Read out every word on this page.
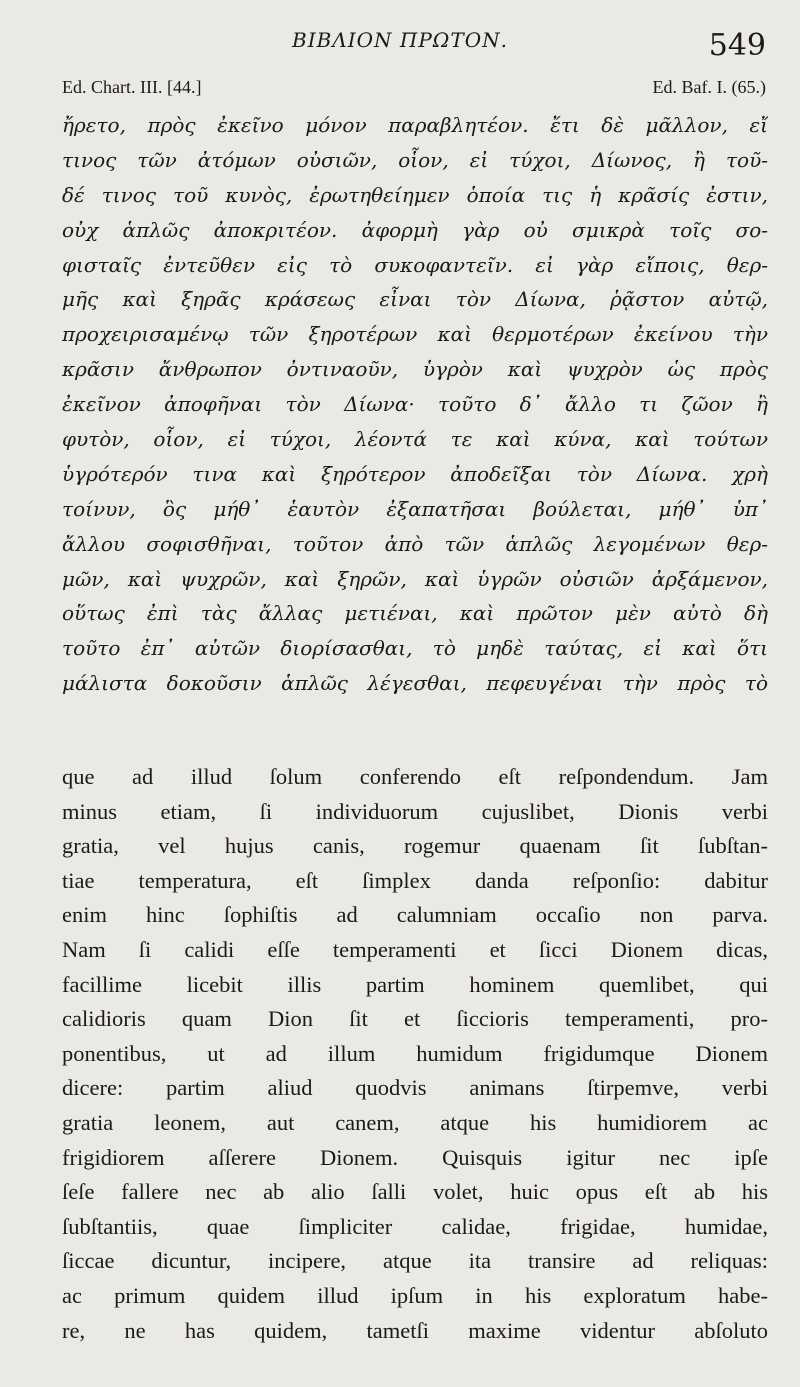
ΒΙΒΛΙΟΝ ΠΡΩΤΟΝ.	549
Ed. Chart. III. [44.]	Ed. Baf. I. (65.)
ἤρετο, πρὸς ἐκεῖνο μόνον παραβλητέον. ἔτι δὲ μᾶλλον, εἴ
τινος τῶν ἀτόμων οὐσιῶν, οἷον, εἰ τύχοι, Δίωνος, ἢ τοῦ-
δέ τινος τοῦ κυνὸς, ἐρωτηθείημεν ὁποία τις ἡ κρᾶσίς ἐστιν,
οὐχ ἁπλῶς ἀποκριτέον. ἀφορμὴ γὰρ οὐ σμικρὰ τοῖς σο-
φισταῖς ἐντεῦθεν εἰς τὸ συκοφαντεῖν. εἰ γὰρ εἴποις, θερ-
μῆς καὶ ξηρᾶς κράσεως εἶναι τὸν Δίωνα, ῥᾷστον αὐτῷ,
προχειρισαμένῳ τῶν ξηροτέρων καὶ θερμοτέρων ἐκείνου τὴν
κρᾶσιν ἄνθρωπον ὀντιναοῦν, ὑγρὸν καὶ ψυχρὸν ὡς πρὸς
ἐκεῖνον ἀποφῆναι τὸν Δίωνα· τοῦτο δ᾽ ἄλλο τι ζῶον ἢ
φυτὸν, οἷον, εἰ τύχοι, λέοντά τε καὶ κύνα, καὶ τούτων
ὑγρότερόν τινα καὶ ξηρότερον ἀποδεῖξαι τὸν Δίωνα. χρὴ
τοίνυν, ὃς μήθ᾽ ἑαυτὸν ἐξαπατῆσαι βούλεται, μήθ᾽ ὑπ᾽
ἄλλου σοφισθῆναι, τοῦτον ἀπὸ τῶν ἁπλῶς λεγομένων θερ-
μῶν, καὶ ψυχρῶν, καὶ ξηρῶν, καὶ ὑγρῶν οὐσιῶν ἀρξάμενον,
οὕτως ἐπὶ τὰς ἄλλας μετιέναι, καὶ πρῶτον μὲν αὐτὸ δὴ
τοῦτο ἐπ᾽ αὐτῶν διορίσασθαι, τὸ μηδὲ ταύτας, εἰ καὶ ὅτι
μάλιστα δοκοῦσιν ἁπλῶς λέγεσθαι, πεφευγέναι τὴν πρὸς τὸ
que ad illud ſolum conferendo eſt reſpondendum. Jam
minus etiam, ſi individuorum cujuslibet, Dionis verbi
gratia, vel hujus canis, rogemur quaenam ſit ſubſtan-
tiae temperatura, eſt ſimplex danda reſponſio: dabitur
enim hinc ſophiſtis ad calumniam occaſio non parva.
Nam ſi calidi eſſe temperamenti et ſicci Dionem dicas,
facillime licebit illis partim hominem quemlibet, qui
calidioris quam Dion ſit et ſiccioris temperamenti, pro-
ponentibus, ut ad illum humidum frigidumque Dionem
dicere: partim aliud quodvis animans ſtirpemve, verbi
gratia leonem, aut canem, atque his humidiorem ac
frigidiorem aſſerere Dionem. Quisquis igitur nec ipſe
ſeſe fallere nec ab alio ſalli volet, huic opus eſt ab his
ſubſtantiis, quae ſimpliciter calidae, frigidae, humidae,
ſiccae dicuntur, incipere, atque ita transire ad reliquas:
ac primum quidem illud ipſum in his exploratum habe-
re, ne has quidem, tametſi maxime videntur abſoluto
